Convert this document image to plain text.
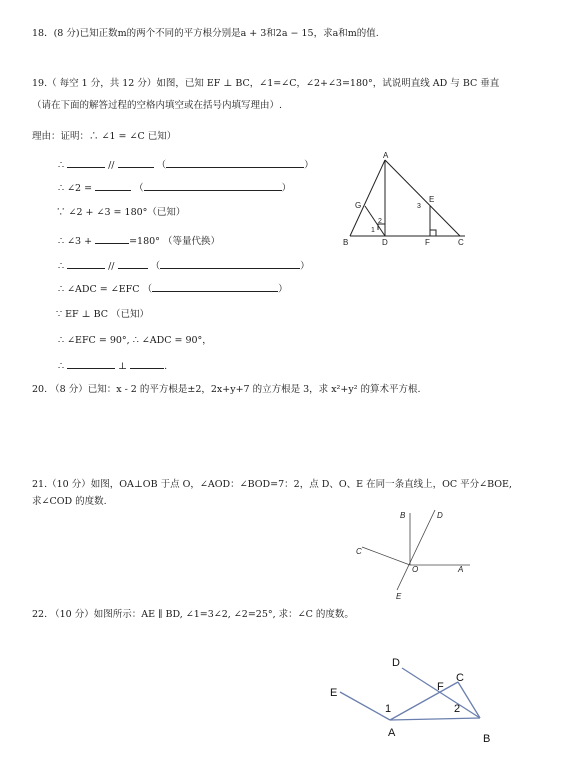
18．(8 分)已知正数m的两个不同的平方根分别是a + 3和2a − 15，求a和m的值.
19.（ 每空 1 分，共 12 分）如图，已知 EF ⊥ BC，∠1=∠C，∠2+∠3=180°，试说明直线 AD 与 BC 垂直
（请在下面的解答过程的空格内填空或在括号内填写理由）.
理由：证明：∴ ∠1 = ∠C 已知）
∴	//	（	）
∴ ∠2 =	（	）
∵ ∠2 + ∠3 = 180°（已知）
∴ ∠3 +	=180° （等量代换）
∴	//	（	）
∴ ∠ADC = ∠EFC （	）
∵ EF ⊥ BC （已知）
∴ ∠EFC = 90°, ∴ ∠ADC = 90°，
∴	⊥	.
A
B	C
D
E
F
G
1
2
3
20. （8 分）已知：x - 2 的平方根是±2，2x+y+7 的立方根是 3，求 x²+y² 的算术平方根.
21.（10 分）如图，OA⊥OB 于点 O，∠AOD：∠BOD=7：2，点 D、O、E 在同一条直线上，OC 平分∠BOE,
求∠COD 的度数.
A
B
C
D
E
O
22. （10 分）如图所示：AE ∥ BD, ∠1=3∠2, ∠2=25°, 求：∠C 的度数。
E
A	B
C
D
F
1	2
